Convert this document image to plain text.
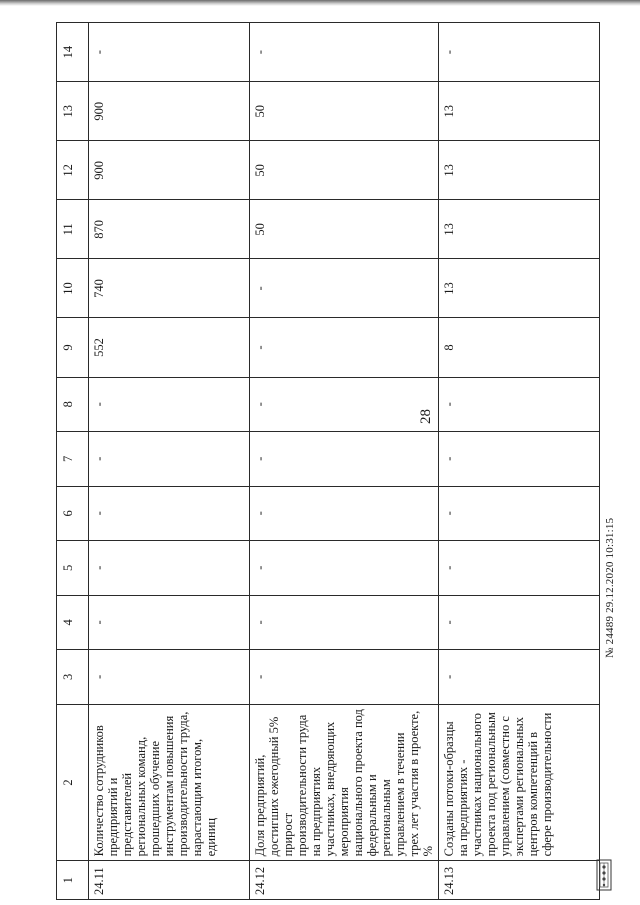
28
1	2	3	4	5	6	7	8	9	10	11	12	13	14
24.11	Количество сотрудников предприятий и представителей региональных команд, прошедших обучение инструментам повышения производительности труда, нарастающим итогом, единиц	-	-	-	-	-	-	552	740	870	900	900	-
24.12	Доля предприятий, достигших ежегодный 5% прирост производительности труда на предприятиях участниках, внедряющих мероприятия национального проекта под федеральным и региональным управлением в течении трех лет участия в проекте, %	-	-	-	-	-	-	-	-	50	50	50	-
24.13	Созданы потоки-образцы на предприятиях - участниках национального проекта под региональным управлением (совместно с экспертами региональных центров компетенций в сфере производительности	-	-	-	-	-	-	8	13	13	13	13	-
№ 24489 29.12.2020 10:31:15
